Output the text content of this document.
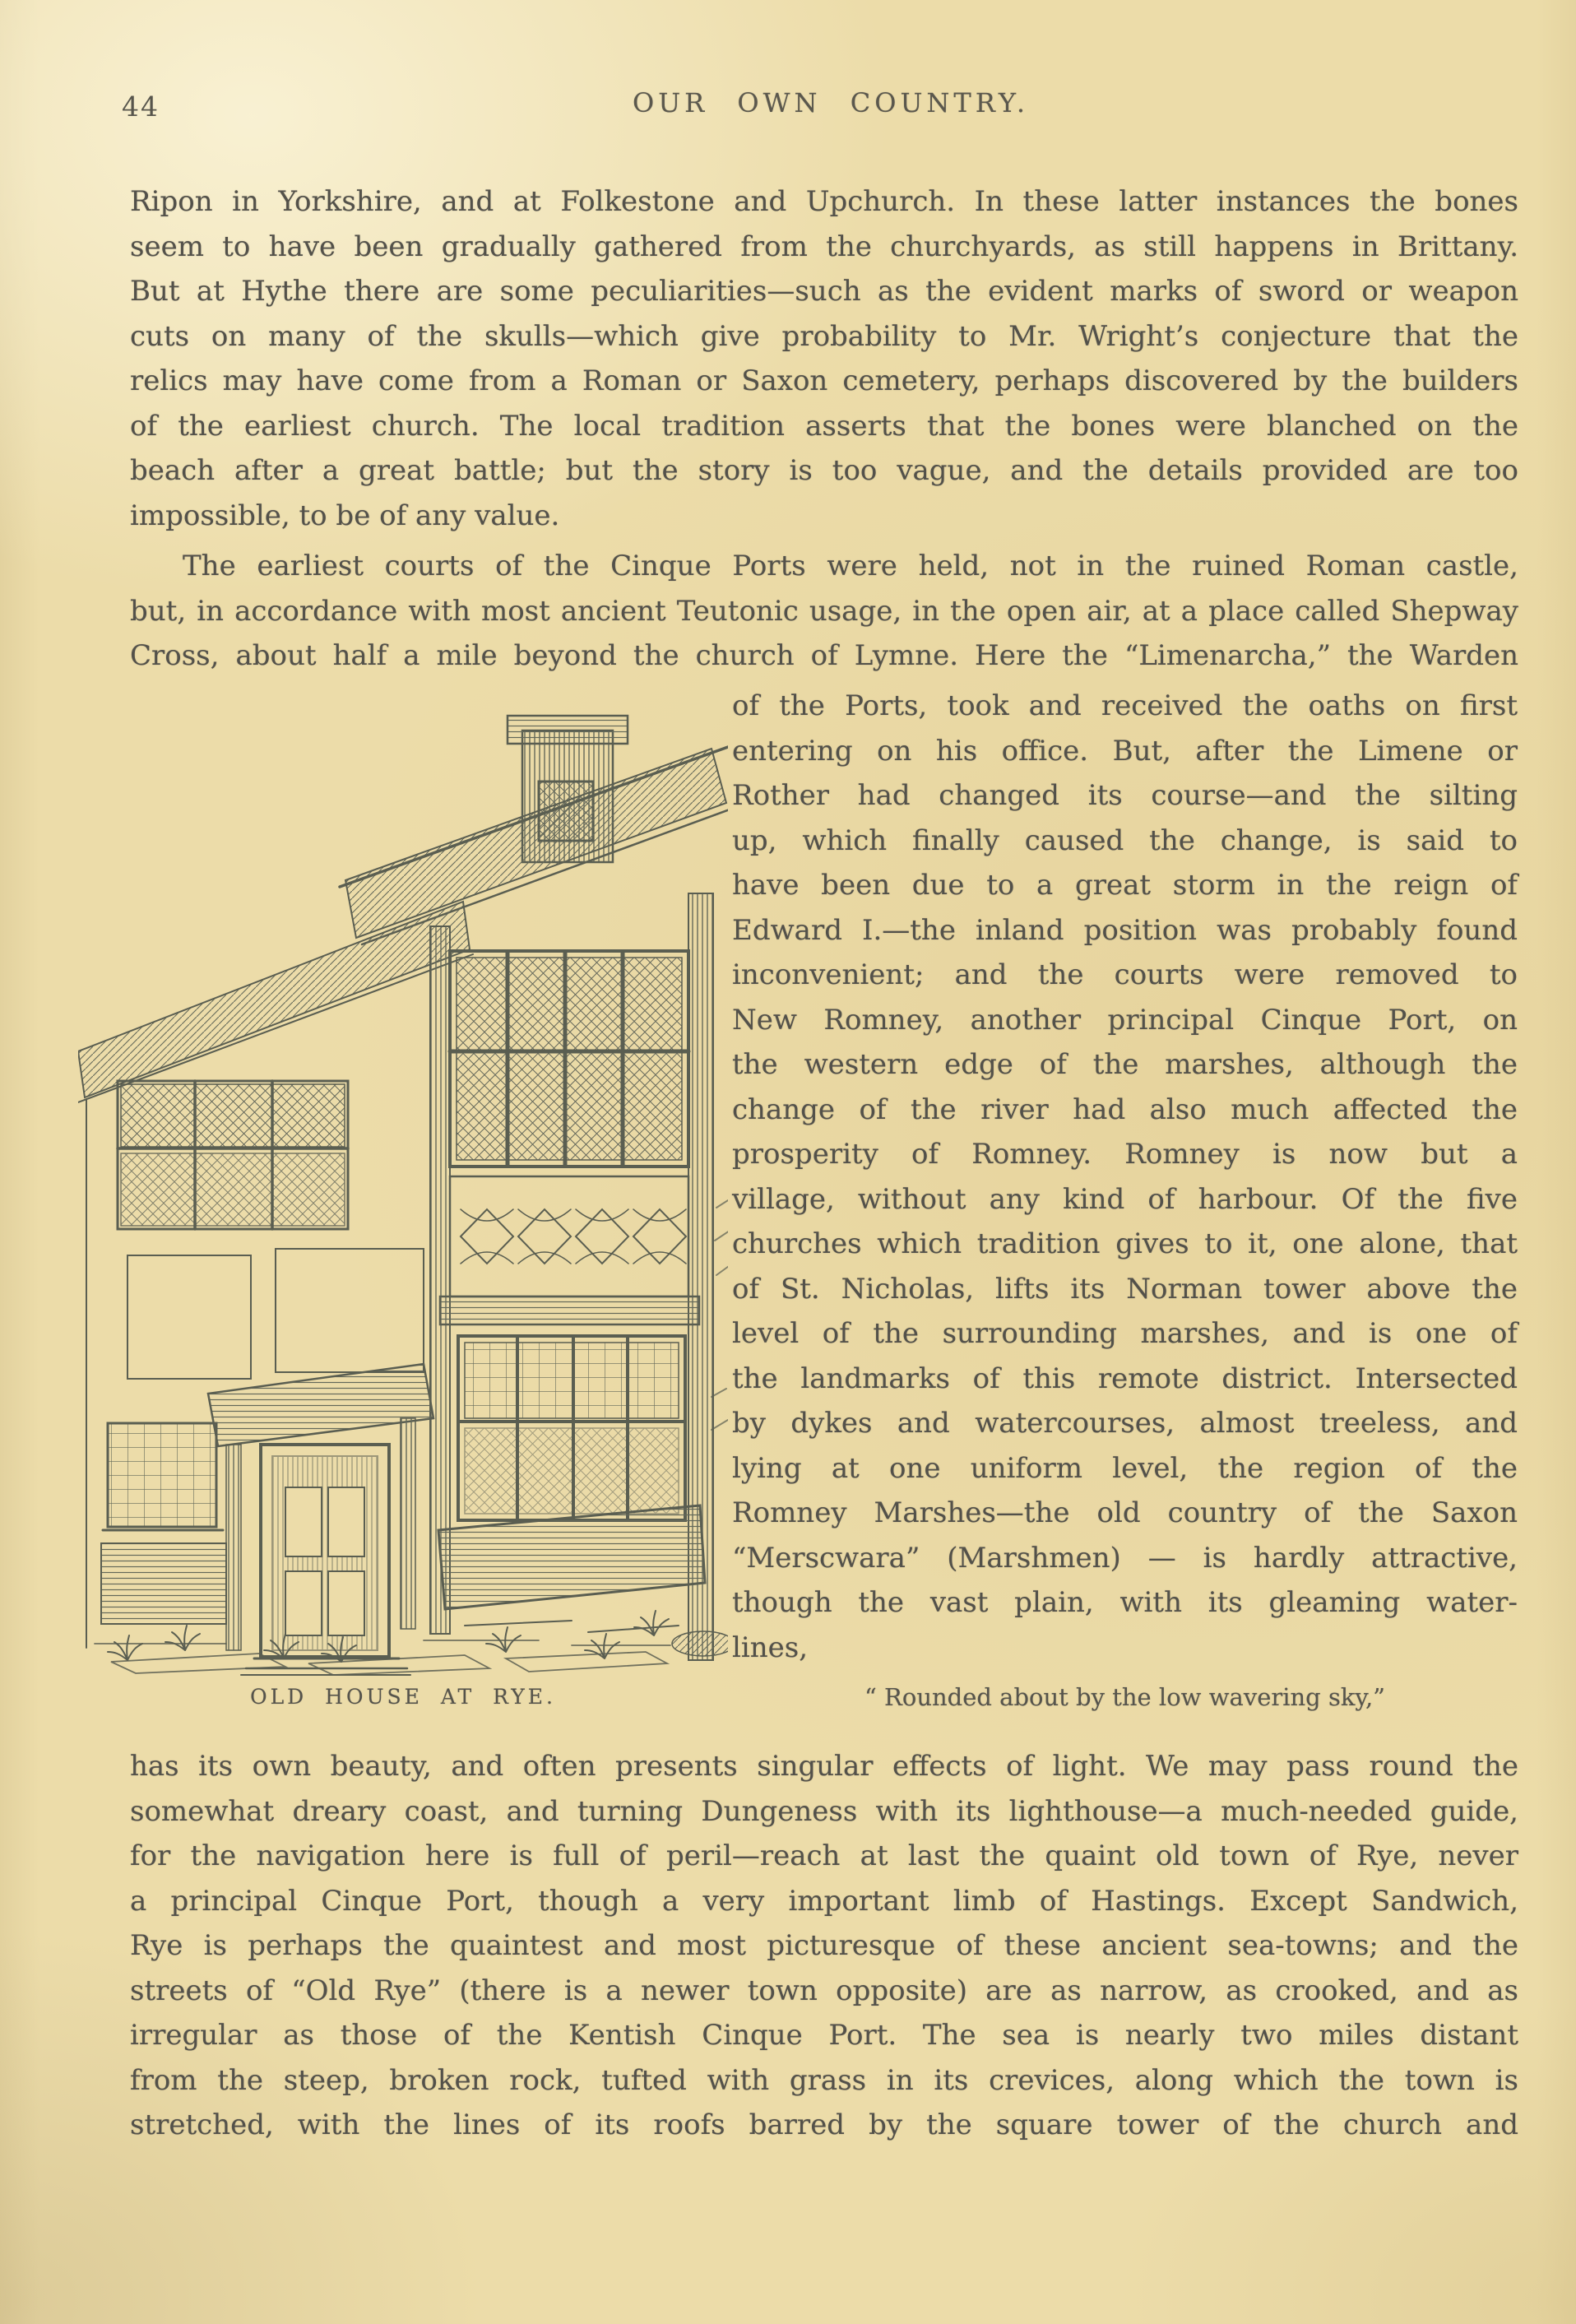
44	OUR OWN COUNTRY.
Ripon in Yorkshire, and at Folkestone and Upchurch. In these latter instances the bones
seem to have been gradually gathered from the churchyards, as still happens in Brittany.
But at Hythe there are some peculiarities—such as the evident marks of sword or weapon
cuts on many of the skulls—which give probability to Mr. Wright’s conjecture that the
relics may have come from a Roman or Saxon cemetery, perhaps discovered by the builders
of the earliest church. The local tradition asserts that the bones were blanched on the
beach after a great battle; but the story is too vague, and the details provided are too
impossible, to be of any value.
The earliest courts of the Cinque Ports were held, not in the ruined Roman castle,
but, in accordance with most ancient Teutonic usage, in the open air, at a place called Shepway
Cross, about half a mile beyond the church of Lymne. Here the “Limenarcha,” the Warden
of the Ports, took and received the oaths on first
entering on his office. But, after the Limene or
Rother had changed its course—and the silting
up, which finally caused the change, is said to
have been due to a great storm in the reign of
Edward I.—the inland position was probably found
inconvenient; and the courts were removed to
New Romney, another principal Cinque Port, on
the western edge of the marshes, although the
change of the river had also much affected the
prosperity of Romney. Romney is now but a
village, without any kind of harbour. Of the five
churches which tradition gives to it, one alone, that
of St. Nicholas, lifts its Norman tower above the
level of the surrounding marshes, and is one of
the landmarks of this remote district. Intersected
by dykes and watercourses, almost treeless, and
lying at one uniform level, the region of the
Romney Marshes—the old country of the Saxon
“Merscwara” (Marshmen) — is hardly attractive,
though the vast plain, with its gleaming water-
lines,
OLD HOUSE AT RYE.	“ Rounded about by the low wavering sky,”
has its own beauty, and often presents singular effects of light. We may pass round the
somewhat dreary coast, and turning Dungeness with its lighthouse—a much-needed guide,
for the navigation here is full of peril—reach at last the quaint old town of Rye, never
a principal Cinque Port, though a very important limb of Hastings. Except Sandwich,
Rye is perhaps the quaintest and most picturesque of these ancient sea-towns; and the
streets of “Old Rye” (there is a newer town opposite) are as narrow, as crooked, and as
irregular as those of the Kentish Cinque Port. The sea is nearly two miles distant
from the steep, broken rock, tufted with grass in its crevices, along which the town is
stretched, with the lines of its roofs barred by the square tower of the church and
